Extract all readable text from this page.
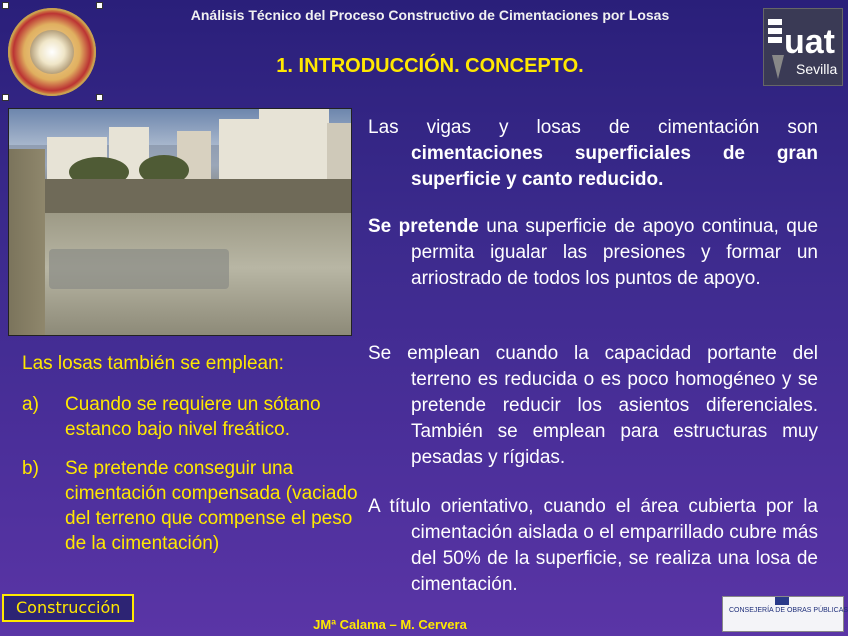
Análisis Técnico del Proceso Constructivo de Cimentaciones por Losas
1. INTRODUCCIÓN. CONCEPTO.
uat
Sevilla
Las vigas y losas de cimentación son cimentaciones superficiales de gran superficie y canto reducido.
Se pretende una superficie de apoyo continua, que permita igualar las presiones y formar un arriostrado de todos los puntos de apoyo.
Se emplean cuando la capacidad portante del terreno es reducida o es poco homogéneo y se pretende reducir los asientos diferenciales. También se emplean para estructuras muy pesadas y rígidas.
A título orientativo, cuando el área cubierta por la cimentación aislada o el emparrillado cubre más del 50% de la superficie, se realiza una losa de cimentación.
Las losas también se emplean:
a) Cuando se requiere un sótano estanco bajo nivel freático.
b) Se pretende conseguir una cimentación compensada (vaciado del terreno que compense el peso de la cimentación)
Construcción
JMª Calama – M. Cervera
CONSEJERÍA DE OBRAS PÚBLICAS
